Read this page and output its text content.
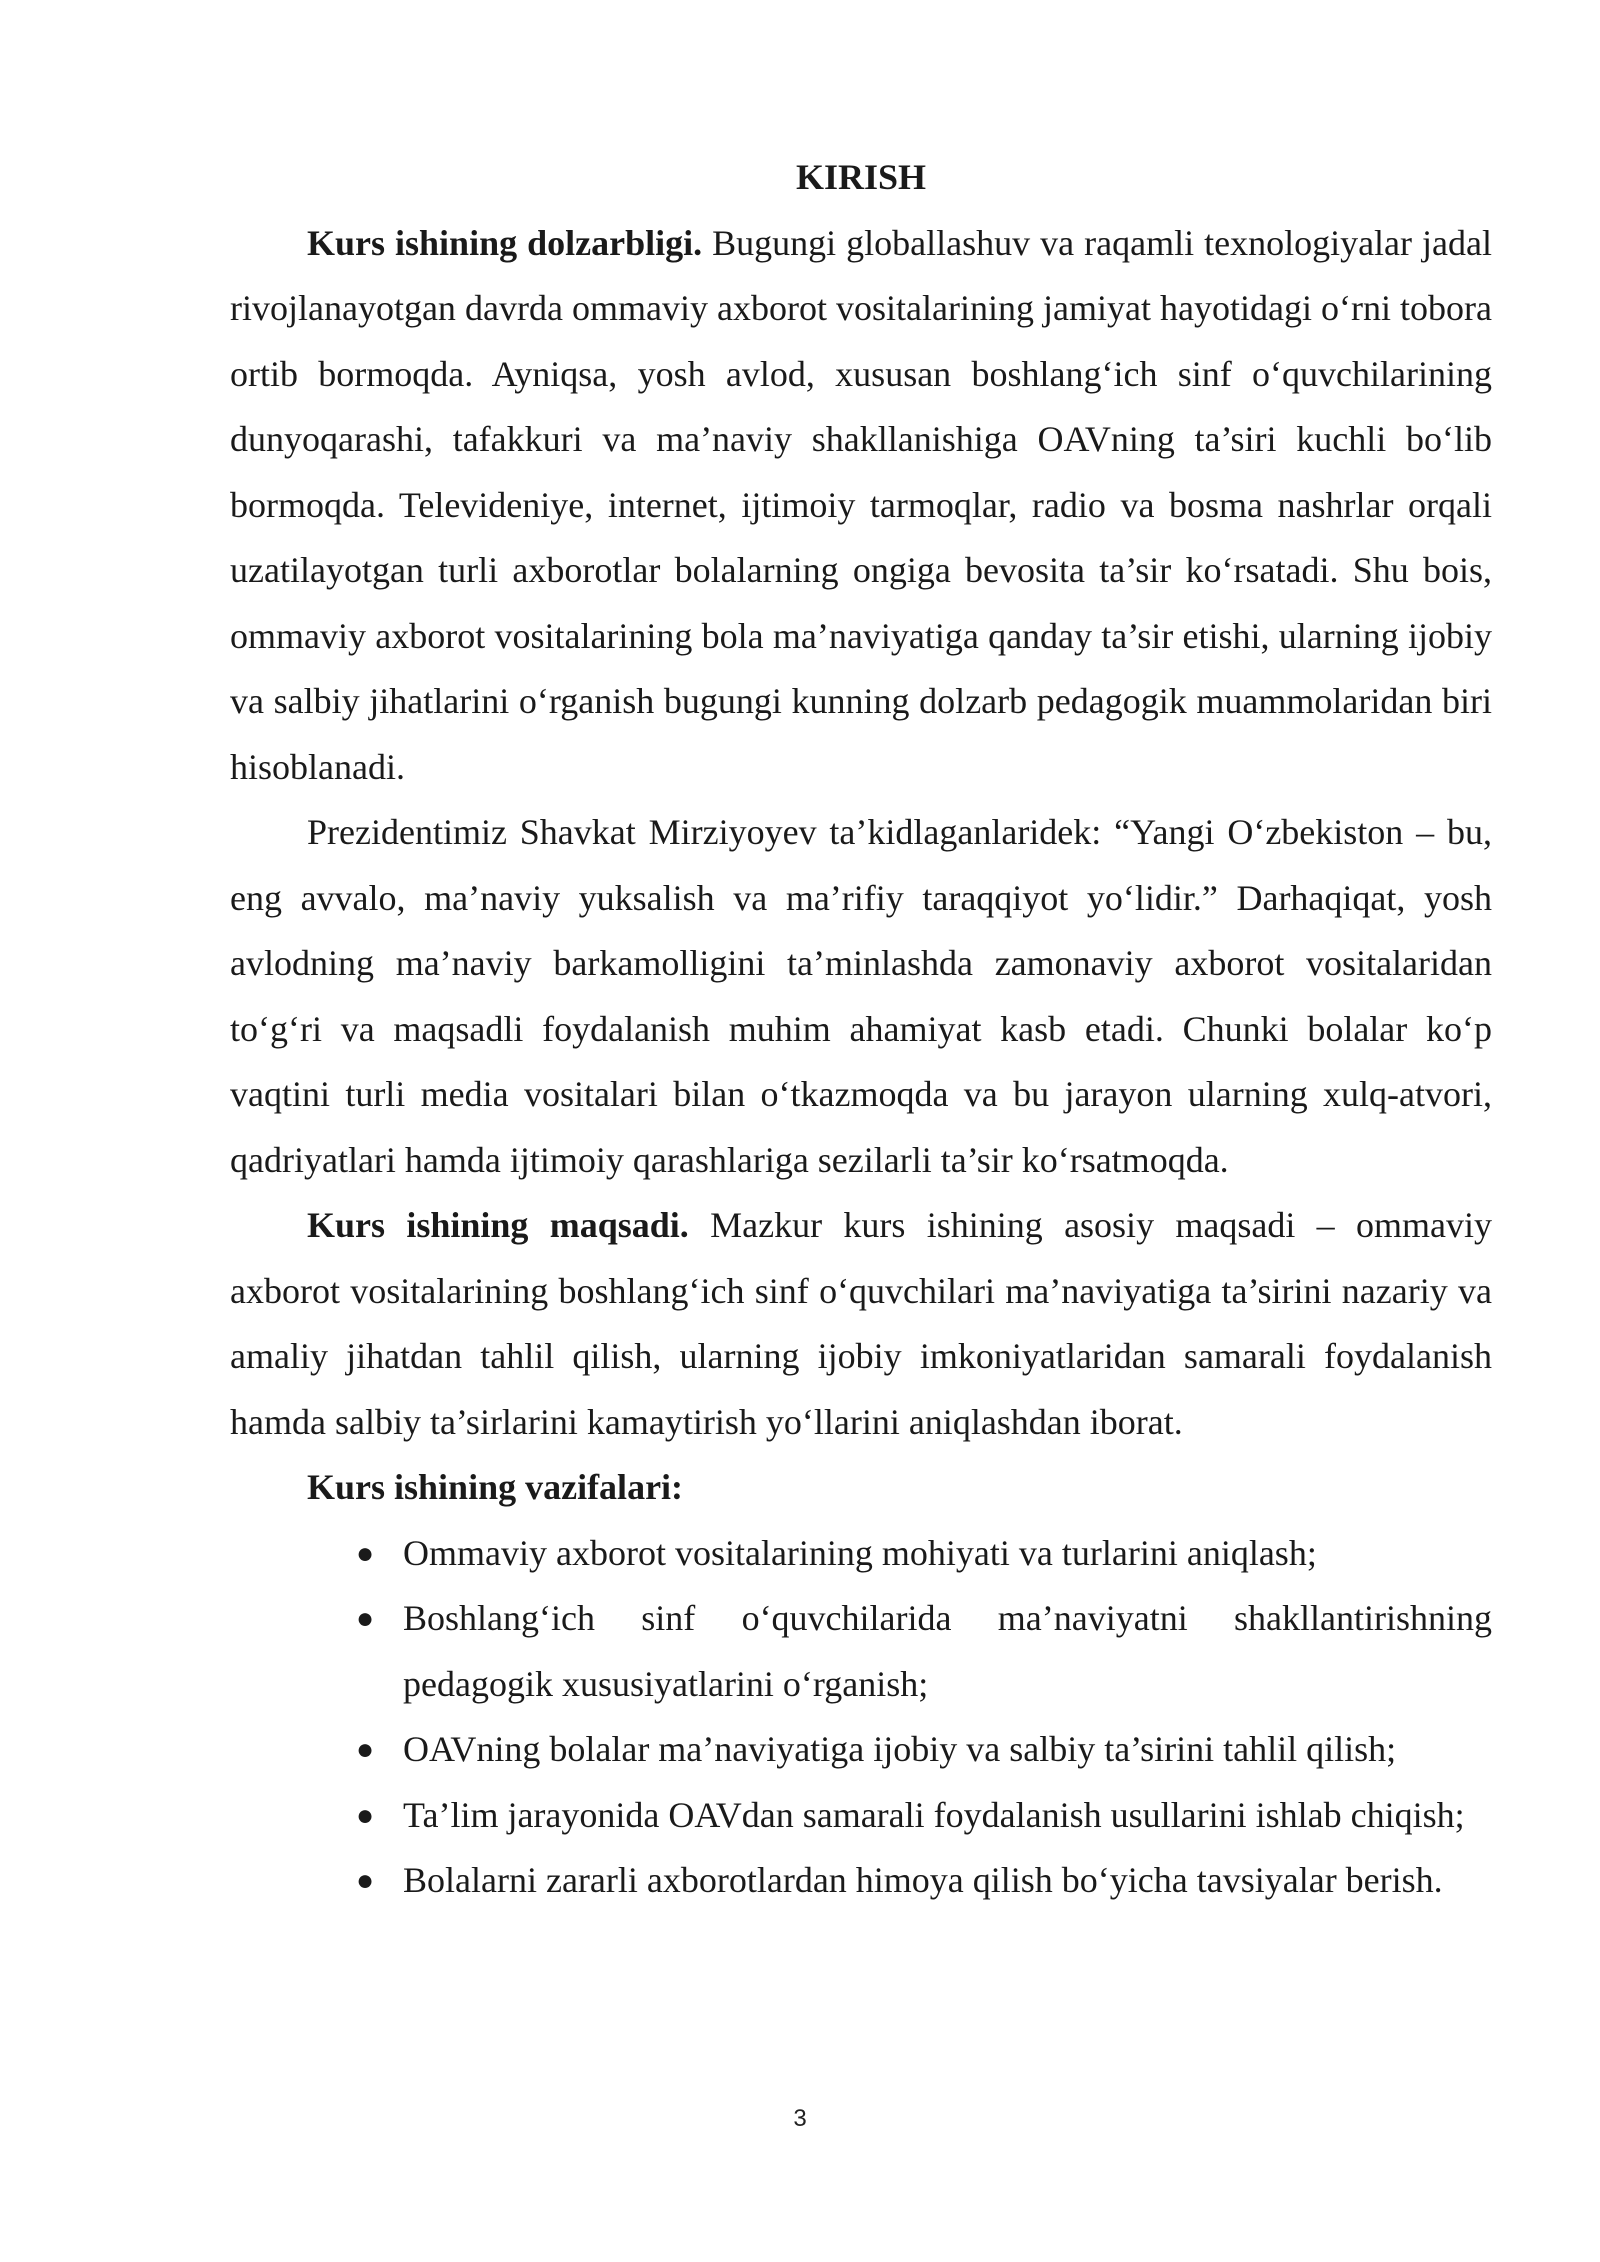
KIRISH

Kurs ishining dolzarbligi. Bugungi globallashuv va raqamli texnologiyalar jadal rivojlanayotgan davrda ommaviy axborot vositalarining jamiyat hayotidagi o‘rni tobora ortib bormoqda. Ayniqsa, yosh avlod, xususan boshlang‘ich sinf o‘quvchilarining dunyoqarashi, tafakkuri va ma’naviy shakllanishiga OAVning ta’siri kuchli bo‘lib bormoqda. Televideniye, internet, ijtimoiy tarmoqlar, radio va bosma nashrlar orqali uzatilayotgan turli axborotlar bolalarning ongiga bevosita ta’sir ko‘rsatadi. Shu bois, ommaviy axborot vositalarining bola ma’naviyatiga qanday ta’sir etishi, ularning ijobiy va salbiy jihatlarini o‘rganish bugungi kunning dolzarb pedagogik muammolaridan biri hisoblanadi.

Prezidentimiz Shavkat Mirziyoyev ta’kidlaganlaridek: “Yangi O‘zbekiston – bu, eng avvalo, ma’naviy yuksalish va ma’rifiy taraqqiyot yo‘lidir.” Darhaqiqat, yosh avlodning ma’naviy barkamolligini ta’minlashda zamonaviy axborot vositalaridan to‘g‘ri va maqsadli foydalanish muhim ahamiyat kasb etadi. Chunki bolalar ko‘p vaqtini turli media vositalari bilan o‘tkazmoqda va bu jarayon ularning xulq-atvori, qadriyatlari hamda ijtimoiy qarashlariga sezilarli ta’sir ko‘rsatmoqda.

Kurs ishining maqsadi. Mazkur kurs ishining asosiy maqsadi – ommaviy axborot vositalarining boshlang‘ich sinf o‘quvchilari ma’naviyatiga ta’sirini nazariy va amaliy jihatdan tahlil qilish, ularning ijobiy imkoniyatlaridan samarali foydalanish hamda salbiy ta’sirlarini kamaytirish yo‘llarini aniqlashdan iborat.

Kurs ishining vazifalari:

● Ommaviy axborot vositalarining mohiyati va turlarini aniqlash;
● Boshlang‘ich sinf o‘quvchilarida ma’naviyatni shakllantirishning pedagogik xususiyatlarini o‘rganish;
● OAVning bolalar ma’naviyatiga ijobiy va salbiy ta’sirini tahlil qilish;
● Ta’lim jarayonida OAVdan samarali foydalanish usullarini ishlab chiqish;
● Bolalarni zararli axborotlardan himoya qilish bo‘yicha tavsiyalar berish.
3
